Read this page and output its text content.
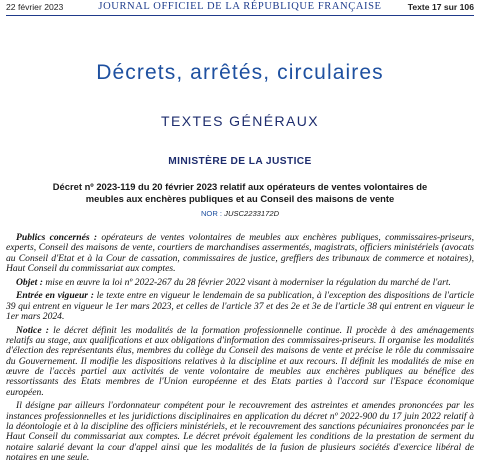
22 février 2023	JOURNAL OFFICIEL DE LA RÉPUBLIQUE FRANÇAISE	Texte 17 sur 106
Décrets, arrêtés, circulaires
TEXTES GÉNÉRAUX
MINISTÈRE DE LA JUSTICE
Décret nº 2023-119 du 20 février 2023 relatif aux opérateurs de ventes volontaires de meubles aux enchères publiques et au Conseil des maisons de vente
NOR : JUSC2233172D

Publics concernés : opérateurs de ventes volontaires de meubles aux enchères publiques, commissaires-priseurs, experts, Conseil des maisons de vente, courtiers de marchandises assermentés, magistrats, officiers ministériels (avocats au Conseil d'Etat et à la Cour de cassation, commissaires de justice, greffiers des tribunaux de commerce et notaires), Haut Conseil du commissariat aux comptes.

Objet : mise en œuvre la loi nº 2022-267 du 28 février 2022 visant à moderniser la régulation du marché de l'art.

Entrée en vigueur : le texte entre en vigueur le lendemain de sa publication, à l'exception des dispositions de l'article 39 qui entrent en vigueur le 1er mars 2023, et celles de l'article 37 et des 2e et 3e de l'article 38 qui entrent en vigueur le 1er mars 2024.

Notice : le décret définit les modalités de la formation professionnelle continue. Il procède à des aménagements relatifs au stage, aux qualifications et aux obligations d'information des commissaires-priseurs. Il organise les modalités d'élection des représentants élus, membres du collège du Conseil des maisons de vente et précise le rôle du commissaire du Gouvernement. Il modifie les dispositions relatives à la discipline et aux recours. Il définit les modalités de mise en œuvre de l'accès partiel aux activités de vente volontaire de meubles aux enchères publiques au bénéfice des ressortissants des Etats membres de l'Union européenne et des Etats parties à l'accord sur l'Espace économique européen.

Il désigne par ailleurs l'ordonnateur compétent pour le recouvrement des astreintes et amendes prononcées par les instances professionnelles et les juridictions disciplinaires en application du décret nº 2022-900 du 17 juin 2022 relatif à la déontologie et à la discipline des officiers ministériels, et le recouvrement des sanctions pécuniaires prononcées par le Haut Conseil du commissariat aux comptes. Le décret prévoit également les conditions de la prestation de serment du notaire salarié devant la cour d'appel ainsi que les modalités de la fusion de plusieurs sociétés d'exercice libéral de notaires en une seule.
